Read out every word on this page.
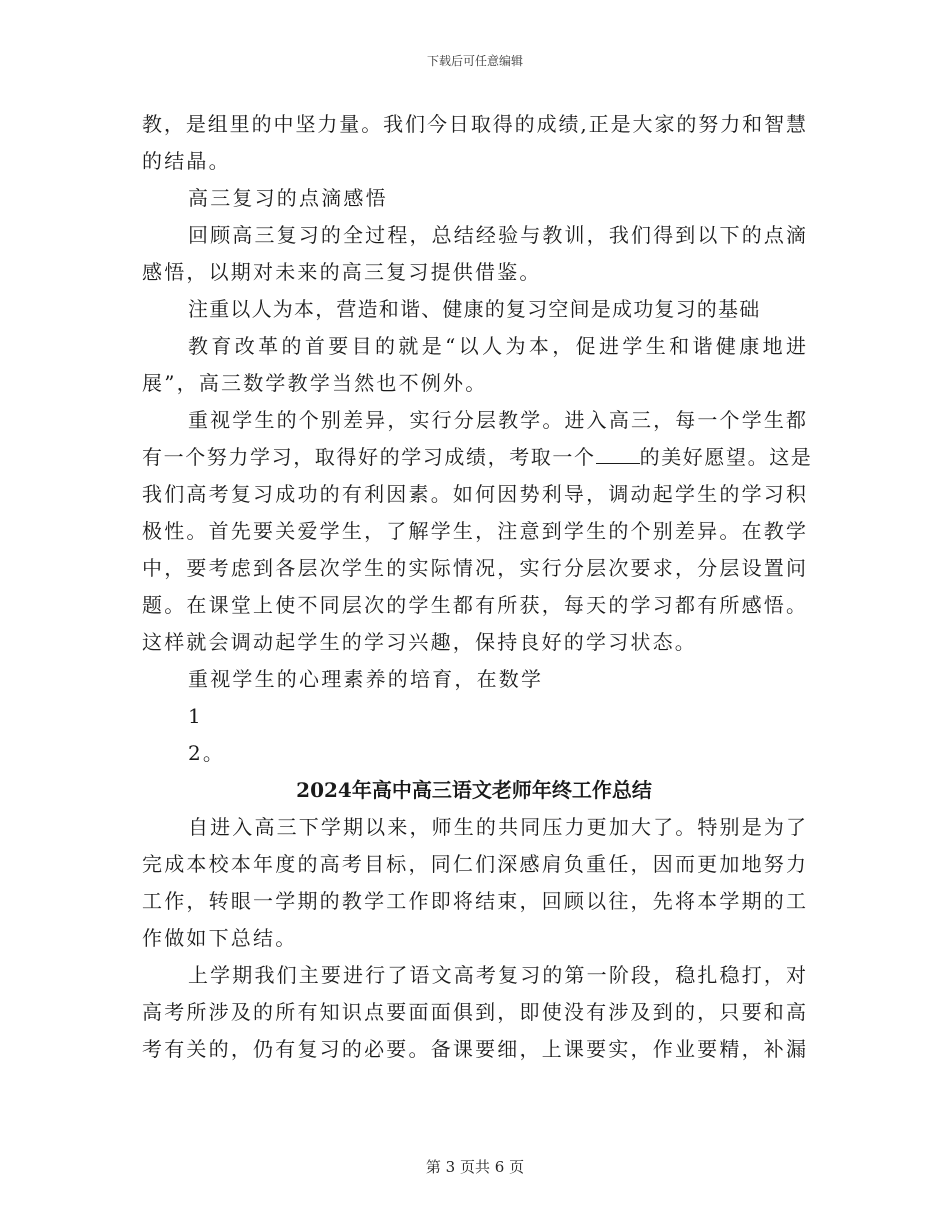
下载后可任意编辑
教，是组里的中坚力量。我们今日取得的成绩,正是大家的努力和智慧
的结晶。
高三复习的点滴感悟
回顾高三复习的全过程，总结经验与教训，我们得到以下的点滴
感悟，以期对未来的高三复习提供借鉴。
注重以人为本，营造和谐、健康的复习空间是成功复习的基础
教育改革的首要目的就是“以人为本，促进学生和谐健康地进
展”，高三数学教学当然也不例外。
重视学生的个别差异，实行分层教学。进入高三，每一个学生都
有一个努力学习，取得好的学习成绩，考取一个 的美好愿望。这是
我们高考复习成功的有利因素。如何因势利导，调动起学生的学习积
极性。首先要关爱学生，了解学生，注意到学生的个别差异。在教学
中，要考虑到各层次学生的实际情况，实行分层次要求，分层设置问
题。在课堂上使不同层次的学生都有所获，每天的学习都有所感悟。
这样就会调动起学生的学习兴趣，保持良好的学习状态。
重视学生的心理素养的培育，在数学
1
2。
2024年高中高三语文老师年终工作总结
自进入高三下学期以来，师生的共同压力更加大了。特别是为了
完成本校本年度的高考目标，同仁们深感肩负重任，因而更加地努力
工作，转眼一学期的教学工作即将结束，回顾以往，先将本学期的工
作做如下总结。
上学期我们主要进行了语文高考复习的第一阶段，稳扎稳打，对
高考所涉及的所有知识点要面面俱到，即使没有涉及到的，只要和高
考有关的，仍有复习的必要。备课要细，上课要实，作业要精，补漏
第 3 页共 6 页
